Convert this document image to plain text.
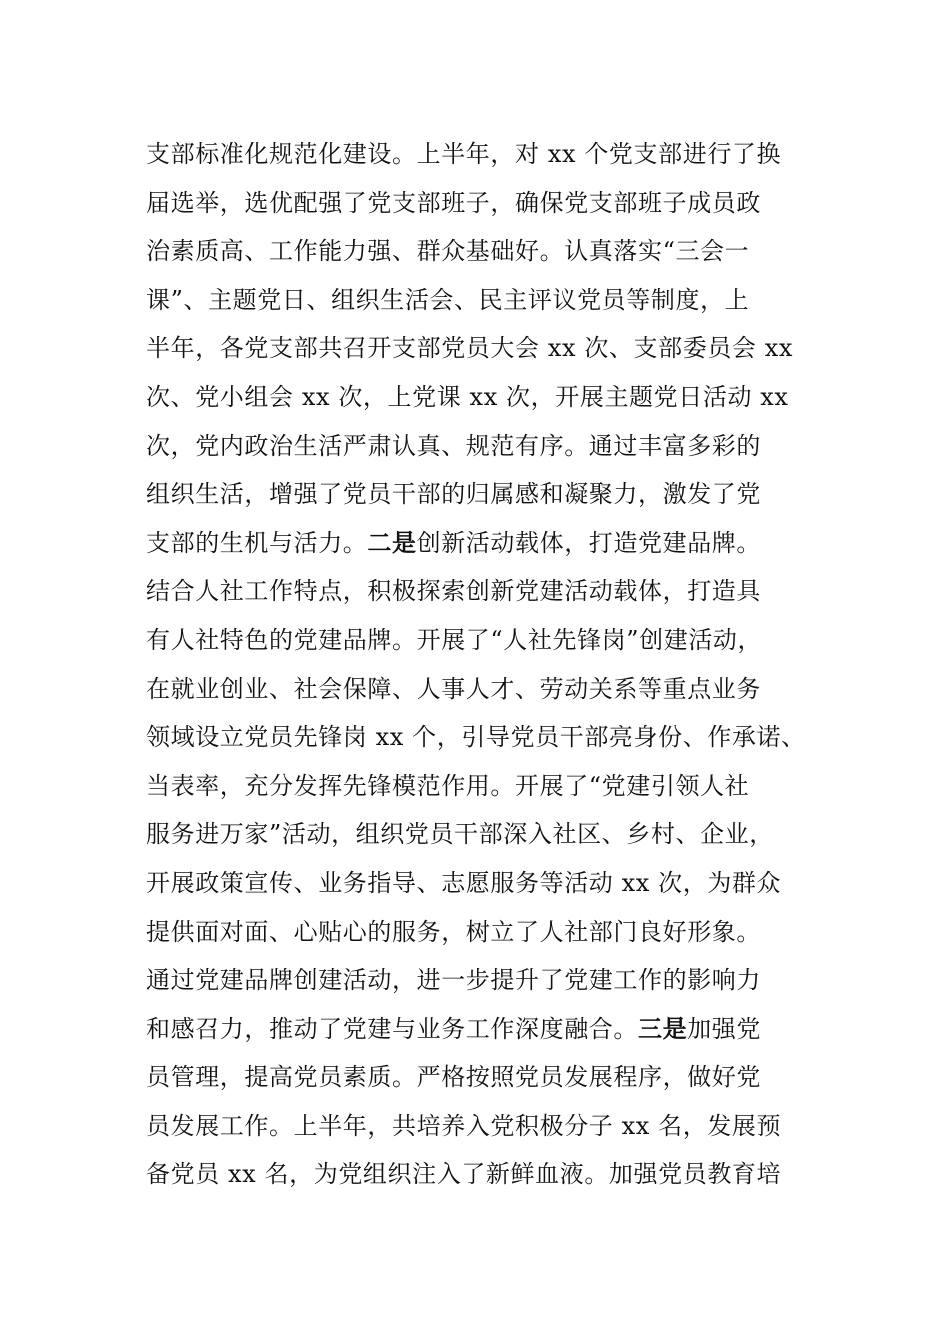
支部标准化规范化建设。上半年，对 xx 个党支部进行了换
届选举，选优配强了党支部班子，确保党支部班子成员政
治素质高、工作能力强、群众基础好。认真落实“三会一
课”、主题党日、组织生活会、民主评议党员等制度，上
半年，各党支部共召开支部党员大会 xx 次、支部委员会 xx
次、党小组会 xx 次，上党课 xx 次，开展主题党日活动 xx
次，党内政治生活严肃认真、规范有序。通过丰富多彩的
组织生活，增强了党员干部的归属感和凝聚力，激发了党
支部的生机与活力。二是创新活动载体，打造党建品牌。
结合人社工作特点，积极探索创新党建活动载体，打造具
有人社特色的党建品牌。开展了“人社先锋岗”创建活动，
在就业创业、社会保障、人事人才、劳动关系等重点业务
领域设立党员先锋岗 xx 个，引导党员干部亮身份、作承诺、
当表率，充分发挥先锋模范作用。开展了“党建引领人社
服务进万家”活动，组织党员干部深入社区、乡村、企业，
开展政策宣传、业务指导、志愿服务等活动 xx 次，为群众
提供面对面、心贴心的服务，树立了人社部门良好形象。
通过党建品牌创建活动，进一步提升了党建工作的影响力
和感召力，推动了党建与业务工作深度融合。三是加强党
员管理，提高党员素质。严格按照党员发展程序，做好党
员发展工作。上半年，共培养入党积极分子 xx 名，发展预
备党员 xx 名，为党组织注入了新鲜血液。加强党员教育培
